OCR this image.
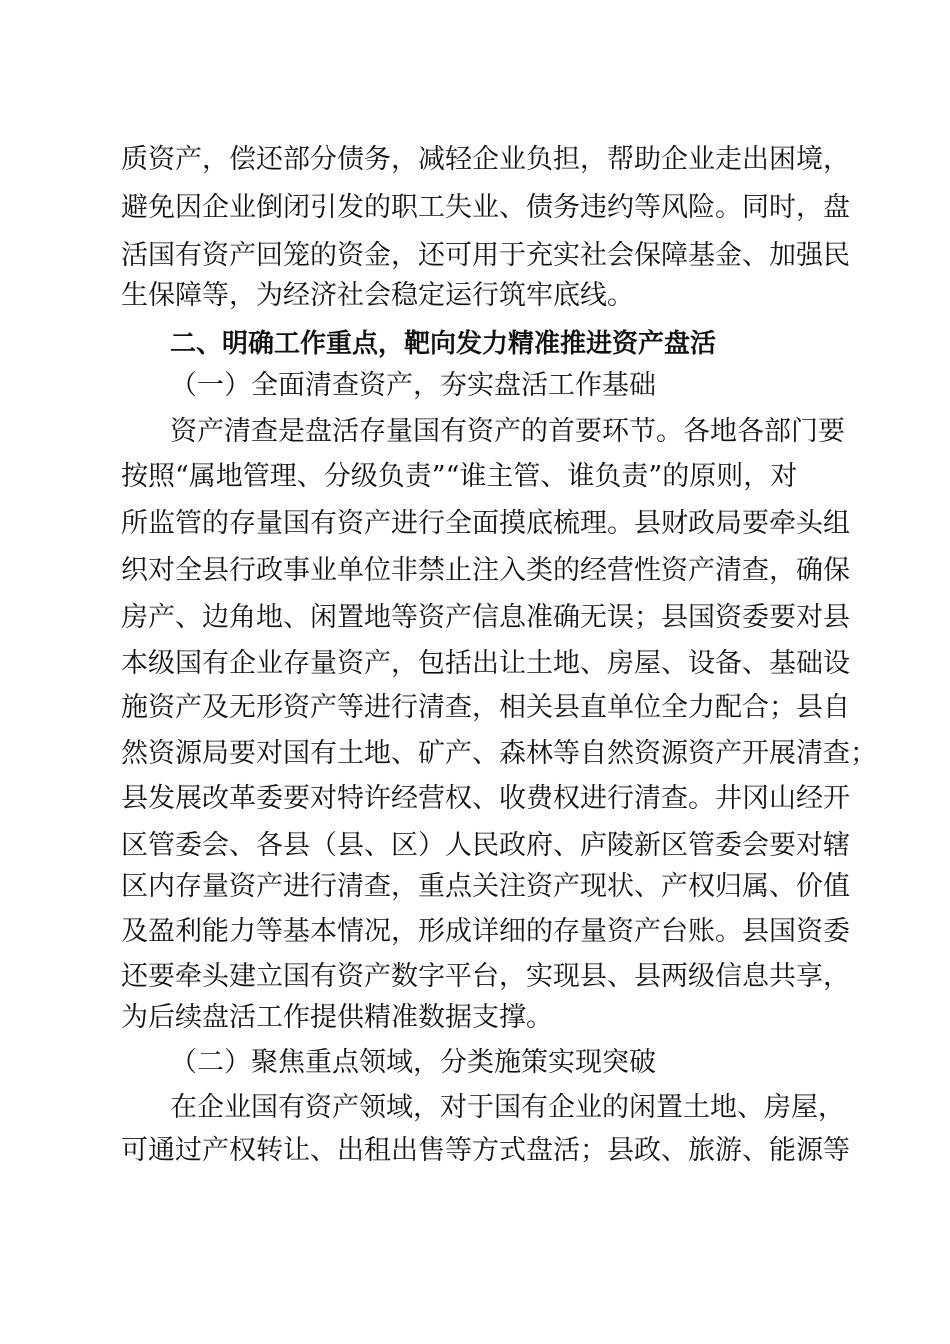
质资产，偿还部分债务，减轻企业负担，帮助企业走出困境，
避免因企业倒闭引发的职工失业、债务违约等风险。同时，盘
活国有资产回笼的资金，还可用于充实社会保障基金、加强民
生保障等，为经济社会稳定运行筑牢底线。
二、明确工作重点，靶向发力精准推进资产盘活
（一）全面清查资产，夯实盘活工作基础
资产清查是盘活存量国有资产的首要环节。各地各部门要
按照“属地管理、分级负责”“谁主管、谁负责”的原则，对
所监管的存量国有资产进行全面摸底梳理。县财政局要牵头组
织对全县行政事业单位非禁止注入类的经营性资产清查，确保
房产、边角地、闲置地等资产信息准确无误；县国资委要对县
本级国有企业存量资产，包括出让土地、房屋、设备、基础设
施资产及无形资产等进行清查，相关县直单位全力配合；县自
然资源局要对国有土地、矿产、森林等自然资源资产开展清查；
县发展改革委要对特许经营权、收费权进行清查。井冈山经开
区管委会、各县（县、区）人民政府、庐陵新区管委会要对辖
区内存量资产进行清查，重点关注资产现状、产权归属、价值
及盈利能力等基本情况，形成详细的存量资产台账。县国资委
还要牵头建立国有资产数字平台，实现县、县两级信息共享，
为后续盘活工作提供精准数据支撑。
（二）聚焦重点领域，分类施策实现突破
在企业国有资产领域，对于国有企业的闲置土地、房屋，
可通过产权转让、出租出售等方式盘活；县政、旅游、能源等
